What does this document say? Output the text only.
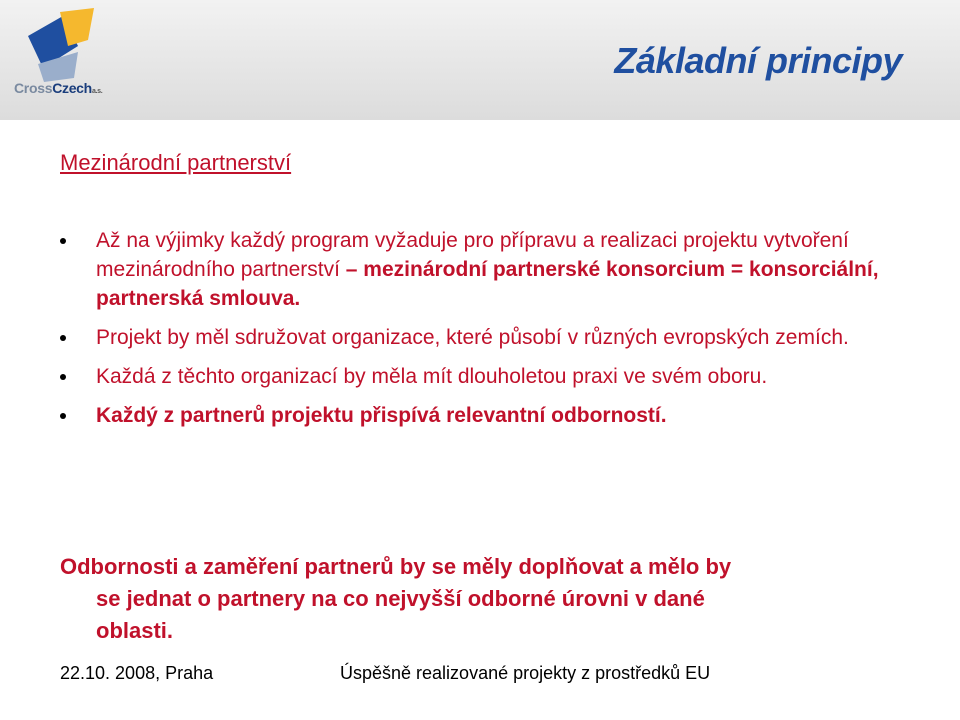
CrossCzecha.s.
Základní principy
Mezinárodní partnerství
Až na výjimky každý program vyžaduje pro přípravu a realizaci projektu vytvoření mezinárodního partnerství – mezinárodní partnerské konsorcium = konsorciální, partnerská smlouva.
Projekt by měl sdružovat organizace, které působí v různých evropských zemích.
Každá z těchto organizací by měla mít dlouholetou praxi ve svém oboru.
Každý z partnerů projektu přispívá relevantní odborností.
Odbornosti a zaměření partnerů by se měly doplňovat a mělo by
se jednat o partnery na co nejvyšší odborné úrovni v dané
oblasti.
22.10. 2008, Praha	Úspěšně realizované projekty z prostředků EU
